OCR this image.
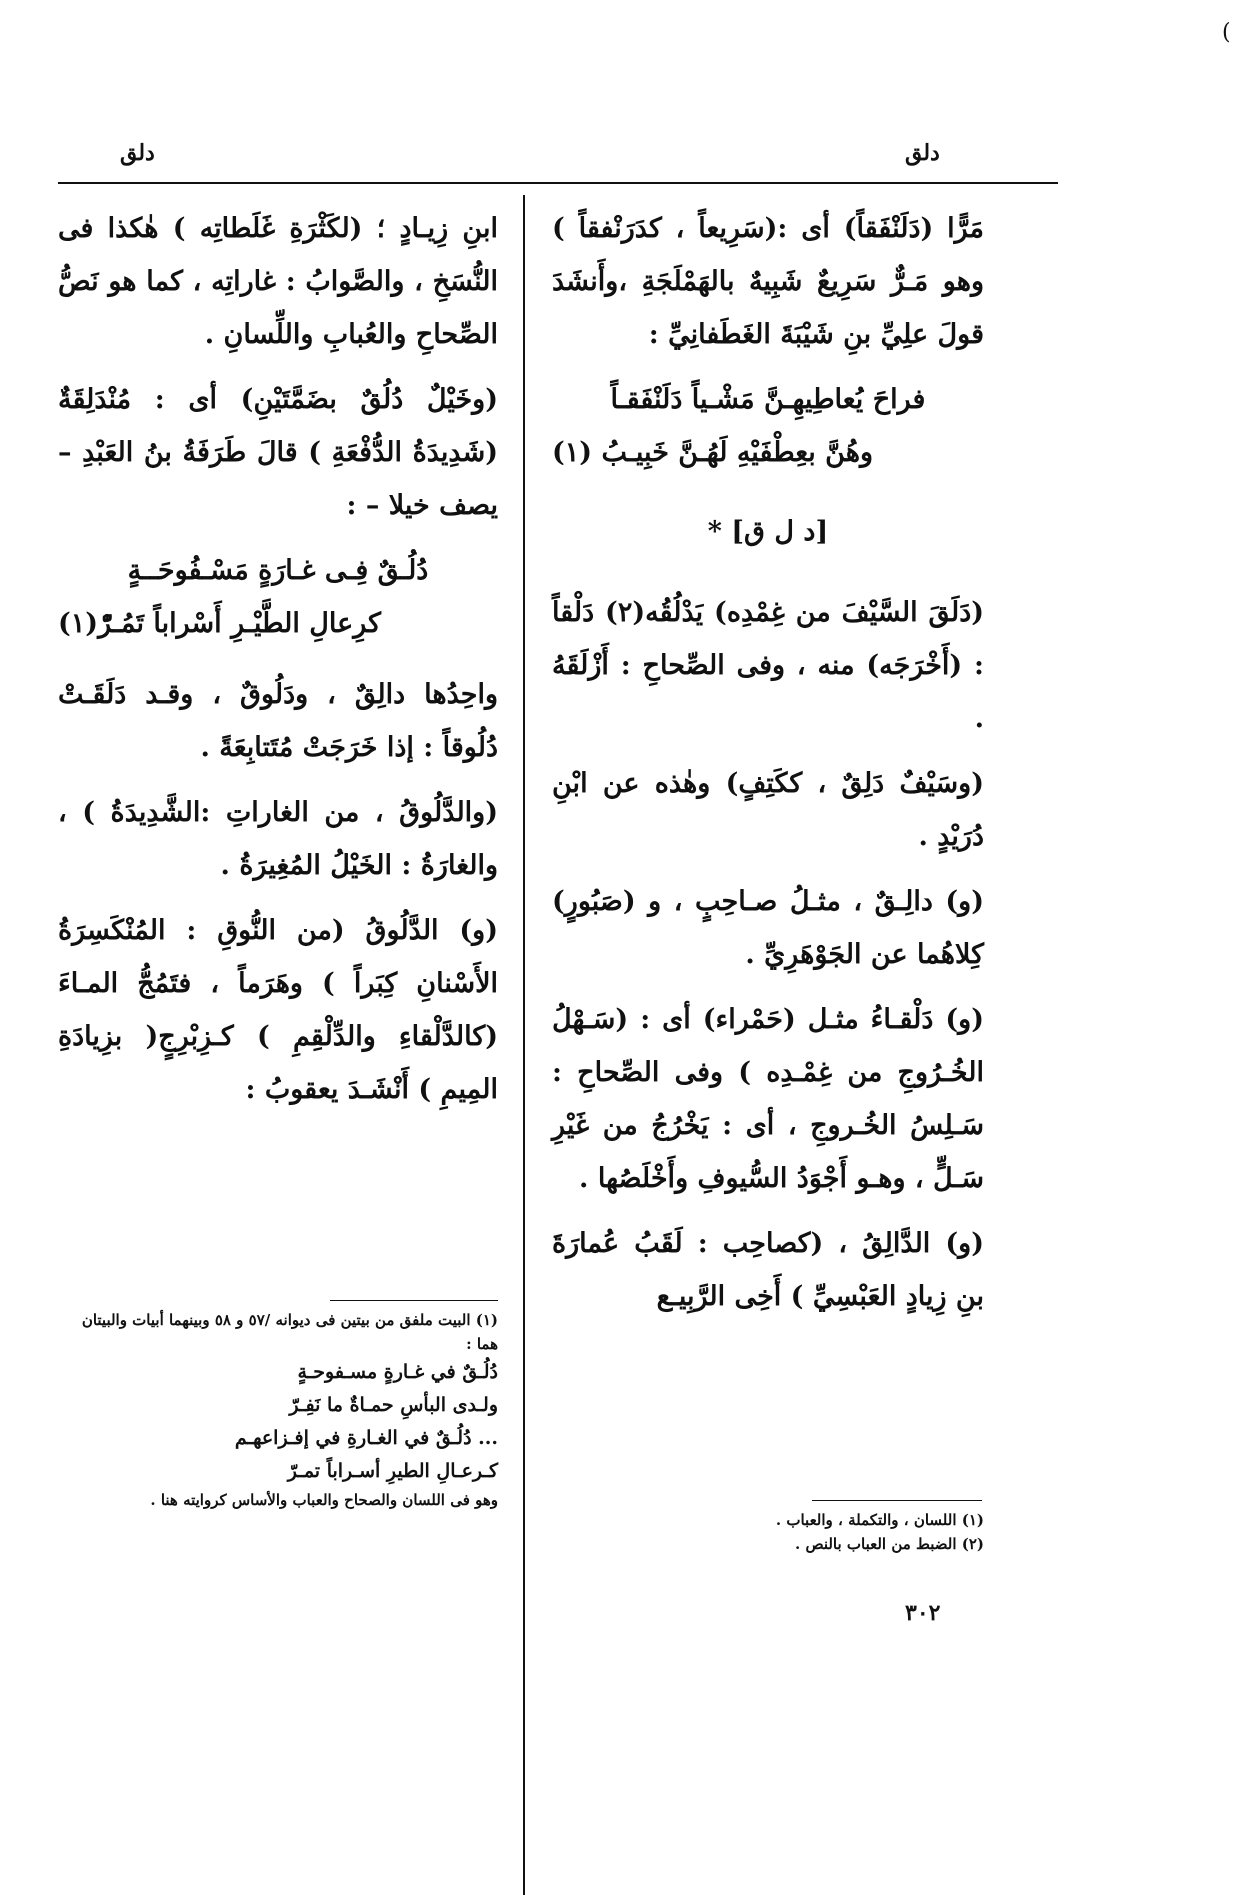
(
دلق
دلق

مَرًّا (دَلَنْفَقاً) أى :(سَرِيعاً ، كدَرَنْفقاً ) وهو مَـرٌّ سَرِيعٌ شَبِيهٌ بالهَمْلَجَةِ ،وأَنشَدَ قولَ علِيِّ بنِ شَيْبَةَ الغَطَفانِيِّ :

فراحَ يُعاطِيهِـنَّ مَشْـياً دَلَنْفَقـاً

وهُنَّ بعِطْفَيْهِ لَهُـنَّ خَبِيـبُ (١)

[د ل ق] *

(دَلَقَ السَّيْفَ من غِمْدِه) يَدْلُقُه(٢) دَلْقاً : (أَخْرَجَه) منه ، وفى الصِّحاحِ : أَزْلَقَهُ .

(وسَيْفٌ دَلِقٌ ، ككَتِفٍ) وهٰذه عن ابْنِ دُرَيْدٍ .

(و) دالِـقٌ ، مثـلُ صـاحِبٍ ، و (صَبُورٍ) كِلاهُما عن الجَوْهَرِيِّ .

(و) دَلْقـاءُ مثـل (حَمْراء) أى : (سَـهْلُ الخُـرُوجِ من غِمْـدِه ) وفى الصِّحاحِ : سَـلِسُ الخُـروجِ ، أى : يَخْرُجُ من غَيْرِ سَـلٍّ ، وهـو أَجْوَدُ السُّيوفِ وأَخْلَصُها .

(و) الدَّالِقُ ، (كصاحِب : لَقَبُ عُمارَةَ بنِ زِيادٍ العَبْسِيِّ ) أَخِى الرَّبِيـع

ابنِ زِيـادٍ ؛ (لكَثْرَةِ غَلَطاتِه ) هٰكذا فى النُّسَخِ ، والصَّوابُ : غاراتِه ، كما هو نَصُّ الصِّحاحِ والعُبابِ واللِّسانِ .

(وخَيْلٌ دُلُقٌ بضَمَّتَيْنِ) أى : مُنْدَلِقَةٌ (شَدِيدَةُ الدُّفْعَةِ ) قالَ طَرَفَةُ بنُ العَبْدِ – يصف خيلا – :

دُلُـقٌ فِـى غـارَةٍ مَسْـفُوحَــةٍ

كرِعالِ الطَّيْـرِ أَسْراباً تَمُـرّْ(١)

واحِدُها دالِقٌ ، ودَلُوقٌ ، وقـد دَلَقَـتْ دُلُوقاً : إذا خَرَجَتْ مُتَتابِعَةً .

(والدَّلُوقُ ، من الغاراتِ :الشَّدِيدَةُ ) ، والغارَةُ : الخَيْلُ المُغِيرَةُ .

(و) الدَّلُوقُ (من النُّوقِ : المُنْكَسِرَةُ الأَسْنانِ كِبَراً ) وهَرَماً ، فتَمُجُّ المـاءَ (كالدَّلْقاءِ والدِّلْقِمِ ) كـزِبْرِجٍ( بزِيادَةِ المِيمِ ) أَنْشَـدَ يعقوبُ :

(١) البيت ملفق من بيتين فى ديوانه /٥٧ و ٥٨ وبينهما أبيات والبيتان هما :

دُلُـقٌ في غـارةٍ مسـفوحـةٍ

ولـدى البأسِ حمـاةٌ ما نَفِـرّ

... دُلُـقٌ في الغـارةِ في إفـزاعهـم

كـرعـالِ الطيرِ أسـراباً تمـرّ

وهو فى اللسان والصحاح والعباب والأساس كروايته هنا .

(١) اللسان ، والتكملة ، والعباب .

(٢) الضبط من العباب بالنص .

٣٠٢
